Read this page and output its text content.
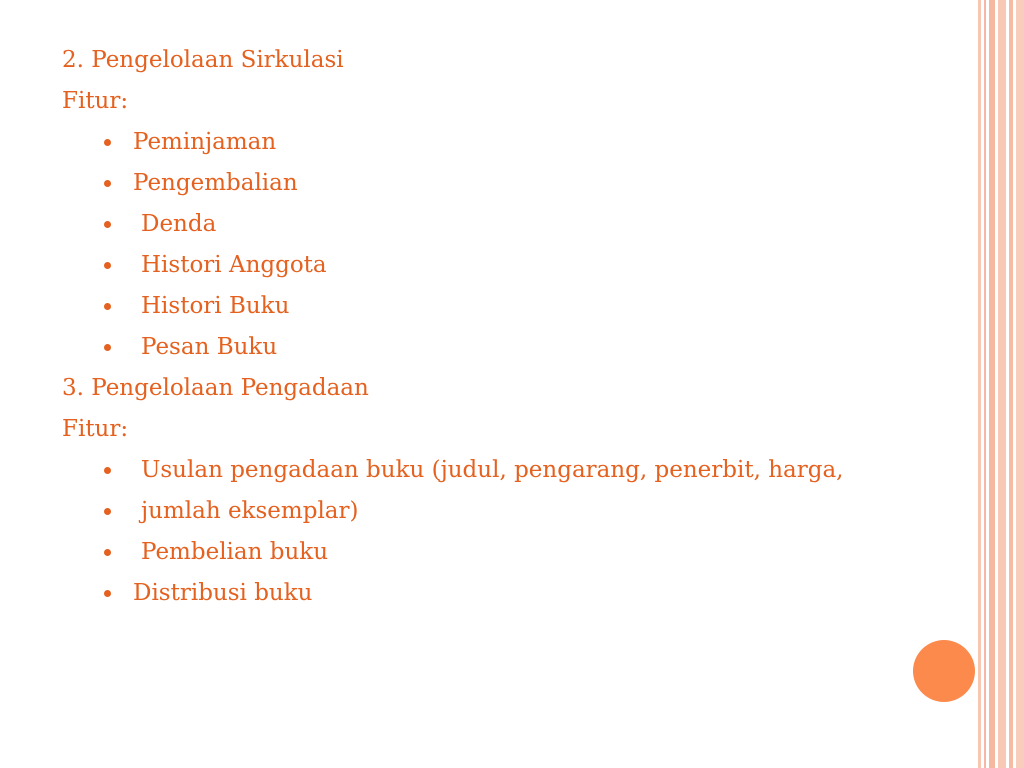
2. Pengelolaan Sirkulasi
Fitur:
Peminjaman
Pengembalian
Denda
Histori Anggota
Histori Buku
Pesan Buku
3. Pengelolaan Pengadaan
Fitur:
Usulan pengadaan buku (judul, pengarang, penerbit, harga,
jumlah eksemplar)
Pembelian buku
Distribusi buku
